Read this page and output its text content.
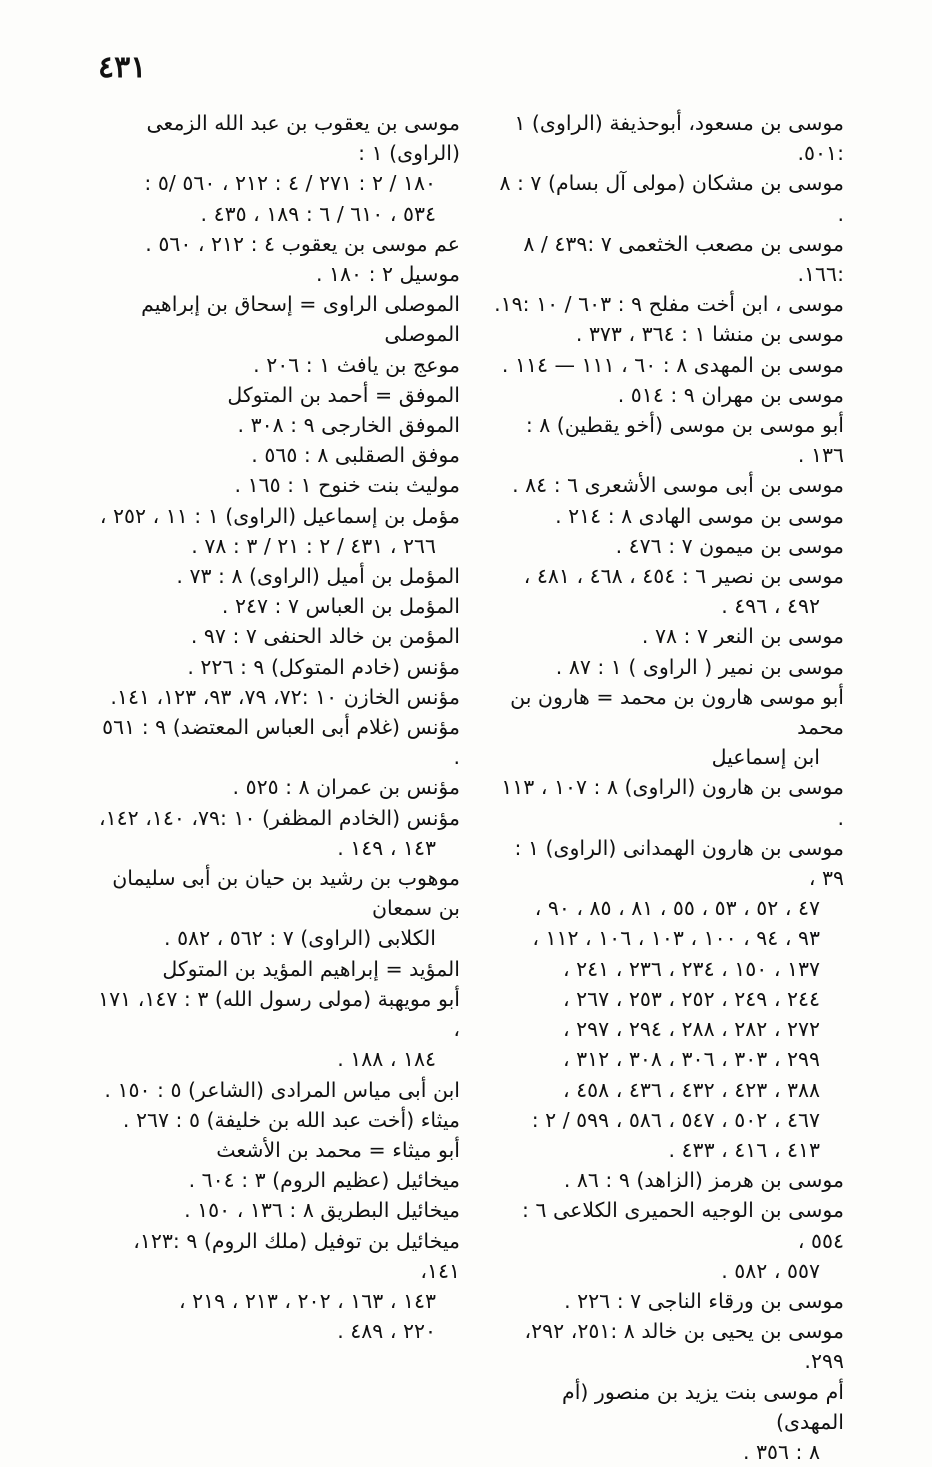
٤٣١

موسى بن مسعود، أبوحذيفة (الراوى) ١ :٥٠١.

موسى بن مشكان (مولى آل بسام) ٧ : ٨ .

موسى بن مصعب الخثعمى ٧ :٤٣٩ / ٨ :١٦٦.

موسى ، ابن أخت مفلح ٩ : ٦٠٣ / ١٠ :١٩.

موسى بن منشا ١ : ٣٦٤ ، ٣٧٣ .

موسى بن المهدى ٨ : ٦٠ ، ١١١ — ١١٤ .

موسى بن مهران ٩ : ٥١٤ .

أبو موسى بن موسى (أخو يقطين) ٨ : ١٣٦ .

موسى بن أبى موسى الأشعرى ٦ : ٨٤ .

موسى بن موسى الهادى ٨ : ٢١٤ .

موسى بن ميمون ٧ : ٤٧٦ .

موسى بن نصير ٦ : ٤٥٤ ، ٤٦٨ ، ٤٨١ ،

٤٩٢ ، ٤٩٦ .

موسى بن النعر ٧ : ٧٨ .

موسى بن نمير ( الراوى ) ١ : ٨٧ .

أبو موسى هارون بن محمد = هارون بن محمد

ابن إسماعيل

موسى بن هارون (الراوى) ٨ : ١٠٧ ، ١١٣ .

موسى بن هارون الهمدانى (الراوى) ١ : ٣٩ ،

٤٧ ، ٥٢ ، ٥٣ ، ٥٥ ، ٨١ ، ٨٥ ، ٩٠ ،

٩٣ ، ٩٤ ، ١٠٠ ، ١٠٣ ، ١٠٦ ، ١١٢ ،

١٣٧ ، ١٥٠ ، ٢٣٤ ، ٢٣٦ ، ٢٤١ ،

٢٤٤ ، ٢٤٩ ، ٢٥٢ ، ٢٥٣ ، ٢٦٧ ،

٢٧٢ ، ٢٨٢ ، ٢٨٨ ، ٢٩٤ ، ٢٩٧ ،

٢٩٩ ، ٣٠٣ ، ٣٠٦ ، ٣٠٨ ، ٣١٢ ،

٣٨٨ ، ٤٢٣ ، ٤٣٢ ، ٤٣٦ ، ٤٥٨ ،

٤٦٧ ، ٥٠٢ ، ٥٤٧ ، ٥٨٦ ، ٥٩٩ / ٢ :

٤١٣ ، ٤١٦ ، ٤٣٣ .

موسى بن هرمز (الزاهد) ٩ : ٨٦ .

موسى بن الوجيه الحميرى الكلاعى ٦ : ٥٥٤ ،

٥٥٧ ، ٥٨٢ .

موسى بن ورقاء الناجى ٧ : ٢٢٦ .

موسى بن يحيى بن خالد ٨ :٢٥١، ٢٩٢، ٢٩٩.

أم موسى بنت يزيد بن منصور (أم المهدى)

٨ : ٣٥٦ .

موسى بن يعقوب بن عبد الله الزمعى (الراوى) ١ :

١٨٠ / ٢ : ٢٧١ / ٤ : ٢١٢ ، ٥٦٠ /٥ :

٥٣٤ ، ٦١٠ / ٦ : ١٨٩ ، ٤٣٥ .

عم موسى بن يعقوب ٤ : ٢١٢ ، ٥٦٠ .

موسيل ٢ : ١٨٠ .

الموصلى الراوى = إسحاق بن إبراهيم الموصلى

موعج بن يافث ١ : ٢٠٦ .

الموفق = أحمد بن المتوكل

الموفق الخارجى ٩ : ٣٠٨ .

موفق الصقلبى ٨ : ٥٦٥ .

موليث بنت خنوح ١ : ١٦٥ .

مؤمل بن إسماعيل (الراوى) ١ : ١١ ، ٢٥٢ ،

٢٦٦ ، ٤٣١ / ٢ : ٢١ / ٣ : ٧٨ .

المؤمل بن أميل (الراوى) ٨ : ٧٣ .

المؤمل بن العباس ٧ : ٢٤٧ .

المؤمن بن خالد الحنفى ٧ : ٩٧ .

مؤنس (خادم المتوكل) ٩ : ٢٢٦ .

مؤنس الخازن ١٠ :٧٢، ٧٩، ٩٣، ١٢٣، ١٤١.

مؤنس (غلام أبى العباس المعتضد) ٩ : ٥٦١ .

مؤنس بن عمران ٨ : ٥٢٥ .

مؤنس (الخادم المظفر) ١٠ :٧٩، ١٤٠، ١٤٢،

١٤٣ ، ١٤٩ .

موهوب بن رشيد بن حيان بن أبى سليمان بن سمعان

الكلابى (الراوى) ٧ : ٥٦٢ ، ٥٨٢ .

المؤيد = إبراهيم المؤيد بن المتوكل

أبو مويهبة (مولى رسول الله) ٣ : ١٤٧، ١٧١ ،

١٨٤ ، ١٨٨ .

ابن أبى مياس المرادى (الشاعر) ٥ : ١٥٠ .

ميثاء (أخت عبد الله بن خليفة) ٥ : ٢٦٧ .

أبو ميثاء = محمد بن الأشعث

ميخائيل (عظيم الروم) ٣ : ٦٠٤ .

ميخائيل البطريق ٨ : ١٣٦ ، ١٥٠ .

ميخائيل بن توفيل (ملك الروم) ٩ :١٢٣، ١٤١،

١٤٣ ، ١٦٣ ، ٢٠٢ ، ٢١٣ ، ٢١٩ ،

٢٢٠ ، ٤٨٩ .
